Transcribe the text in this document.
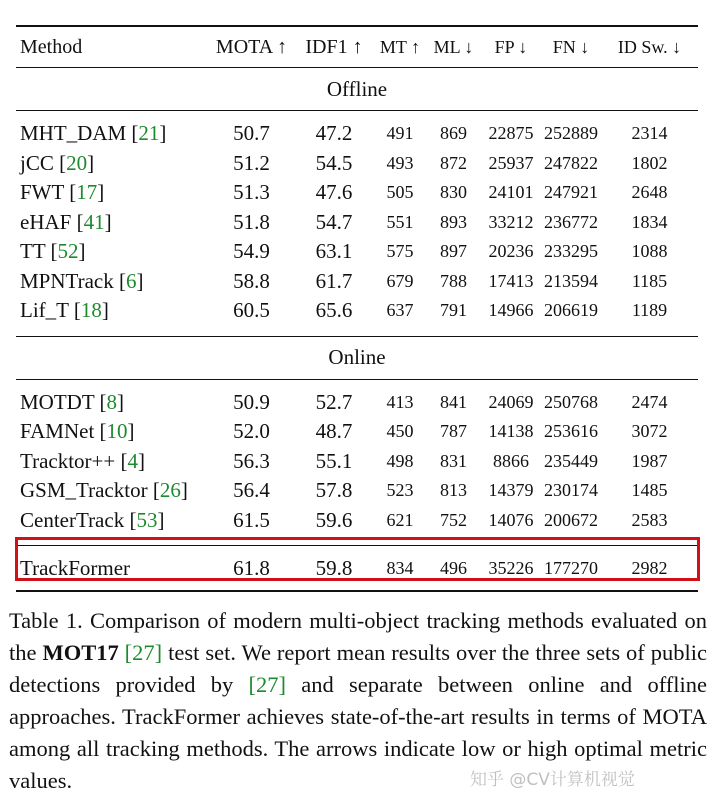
Method	MOTA ↑	IDF1 ↑	MT ↑	ML ↓	FP ↓	FN ↓	ID Sw. ↓
Offline							

MHT_DAM [21]	50.7	47.2	491	869	22875	252889	2314
jCC [20]	51.2	54.5	493	872	25937	247822	1802
FWT [17]	51.3	47.6	505	830	24101	247921	2648
eHAF [41]	51.8	54.7	551	893	33212	236772	1834
TT [52]	54.9	63.1	575	897	20236	233295	1088
MPNTrack [6]	58.8	61.7	679	788	17413	213594	1185
Lif_T [18]	60.5	65.6	637	791	14966	206619	1189

Online							

MOTDT [8]	50.9	52.7	413	841	24069	250768	2474
FAMNet [10]	52.0	48.7	450	787	14138	253616	3072
Tracktor++ [4]	56.3	55.1	498	831	8866	235449	1987
GSM_Tracktor [26]	56.4	57.8	523	813	14379	230174	1485
CenterTrack [53]	61.5	59.6	621	752	14076	200672	2583

TrackFormer	61.8	59.8	834	496	35226	177270	2982
Table 1. Comparison of modern multi-object tracking methods evaluated on the MOT17 [27] test set. We report mean results over the three sets of public detections provided by [27] and separate between online and offline approaches. TrackFormer achieves state-of-the-art results in terms of MOTA among all tracking methods. The arrows indicate low or high optimal metric values.	知乎 @CV计算机视觉
